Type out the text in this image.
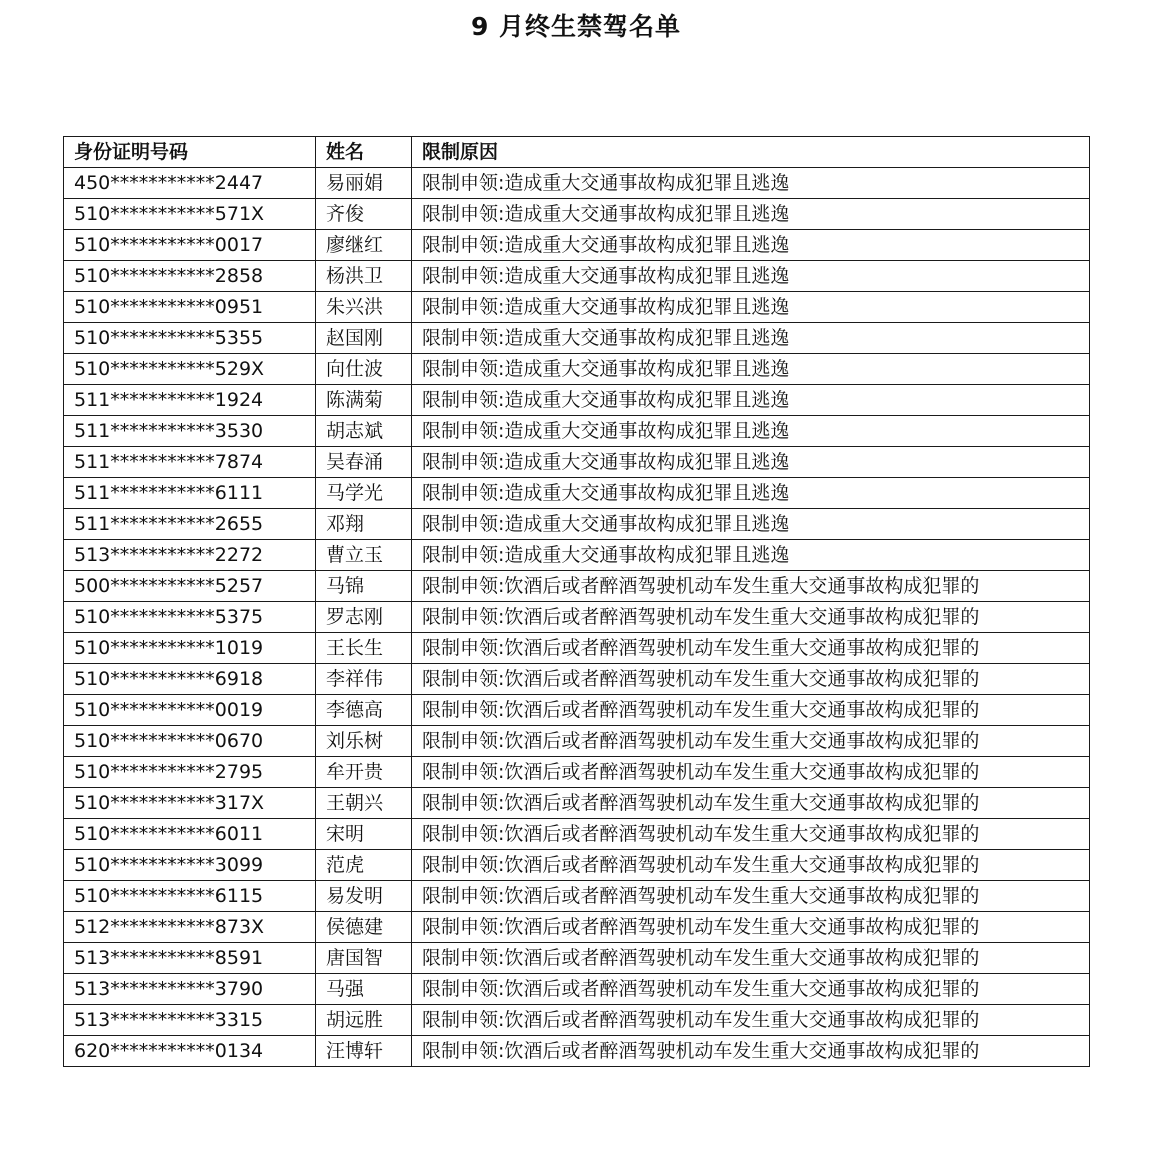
9 月终生禁驾名单
身份证明号码	姓名	限制原因
450***********2447	易丽娟	限制申领:造成重大交通事故构成犯罪且逃逸
510***********571X	齐俊	限制申领:造成重大交通事故构成犯罪且逃逸
510***********0017	廖继红	限制申领:造成重大交通事故构成犯罪且逃逸
510***********2858	杨洪卫	限制申领:造成重大交通事故构成犯罪且逃逸
510***********0951	朱兴洪	限制申领:造成重大交通事故构成犯罪且逃逸
510***********5355	赵国刚	限制申领:造成重大交通事故构成犯罪且逃逸
510***********529X	向仕波	限制申领:造成重大交通事故构成犯罪且逃逸
511***********1924	陈满菊	限制申领:造成重大交通事故构成犯罪且逃逸
511***********3530	胡志斌	限制申领:造成重大交通事故构成犯罪且逃逸
511***********7874	吴春涌	限制申领:造成重大交通事故构成犯罪且逃逸
511***********6111	马学光	限制申领:造成重大交通事故构成犯罪且逃逸
511***********2655	邓翔	限制申领:造成重大交通事故构成犯罪且逃逸
513***********2272	曹立玉	限制申领:造成重大交通事故构成犯罪且逃逸
500***********5257	马锦	限制申领:饮酒后或者醉酒驾驶机动车发生重大交通事故构成犯罪的
510***********5375	罗志刚	限制申领:饮酒后或者醉酒驾驶机动车发生重大交通事故构成犯罪的
510***********1019	王长生	限制申领:饮酒后或者醉酒驾驶机动车发生重大交通事故构成犯罪的
510***********6918	李祥伟	限制申领:饮酒后或者醉酒驾驶机动车发生重大交通事故构成犯罪的
510***********0019	李德高	限制申领:饮酒后或者醉酒驾驶机动车发生重大交通事故构成犯罪的
510***********0670	刘乐树	限制申领:饮酒后或者醉酒驾驶机动车发生重大交通事故构成犯罪的
510***********2795	牟开贵	限制申领:饮酒后或者醉酒驾驶机动车发生重大交通事故构成犯罪的
510***********317X	王朝兴	限制申领:饮酒后或者醉酒驾驶机动车发生重大交通事故构成犯罪的
510***********6011	宋明	限制申领:饮酒后或者醉酒驾驶机动车发生重大交通事故构成犯罪的
510***********3099	范虎	限制申领:饮酒后或者醉酒驾驶机动车发生重大交通事故构成犯罪的
510***********6115	易发明	限制申领:饮酒后或者醉酒驾驶机动车发生重大交通事故构成犯罪的
512***********873X	侯德建	限制申领:饮酒后或者醉酒驾驶机动车发生重大交通事故构成犯罪的
513***********8591	唐国智	限制申领:饮酒后或者醉酒驾驶机动车发生重大交通事故构成犯罪的
513***********3790	马强	限制申领:饮酒后或者醉酒驾驶机动车发生重大交通事故构成犯罪的
513***********3315	胡远胜	限制申领:饮酒后或者醉酒驾驶机动车发生重大交通事故构成犯罪的
620***********0134	汪博轩	限制申领:饮酒后或者醉酒驾驶机动车发生重大交通事故构成犯罪的
